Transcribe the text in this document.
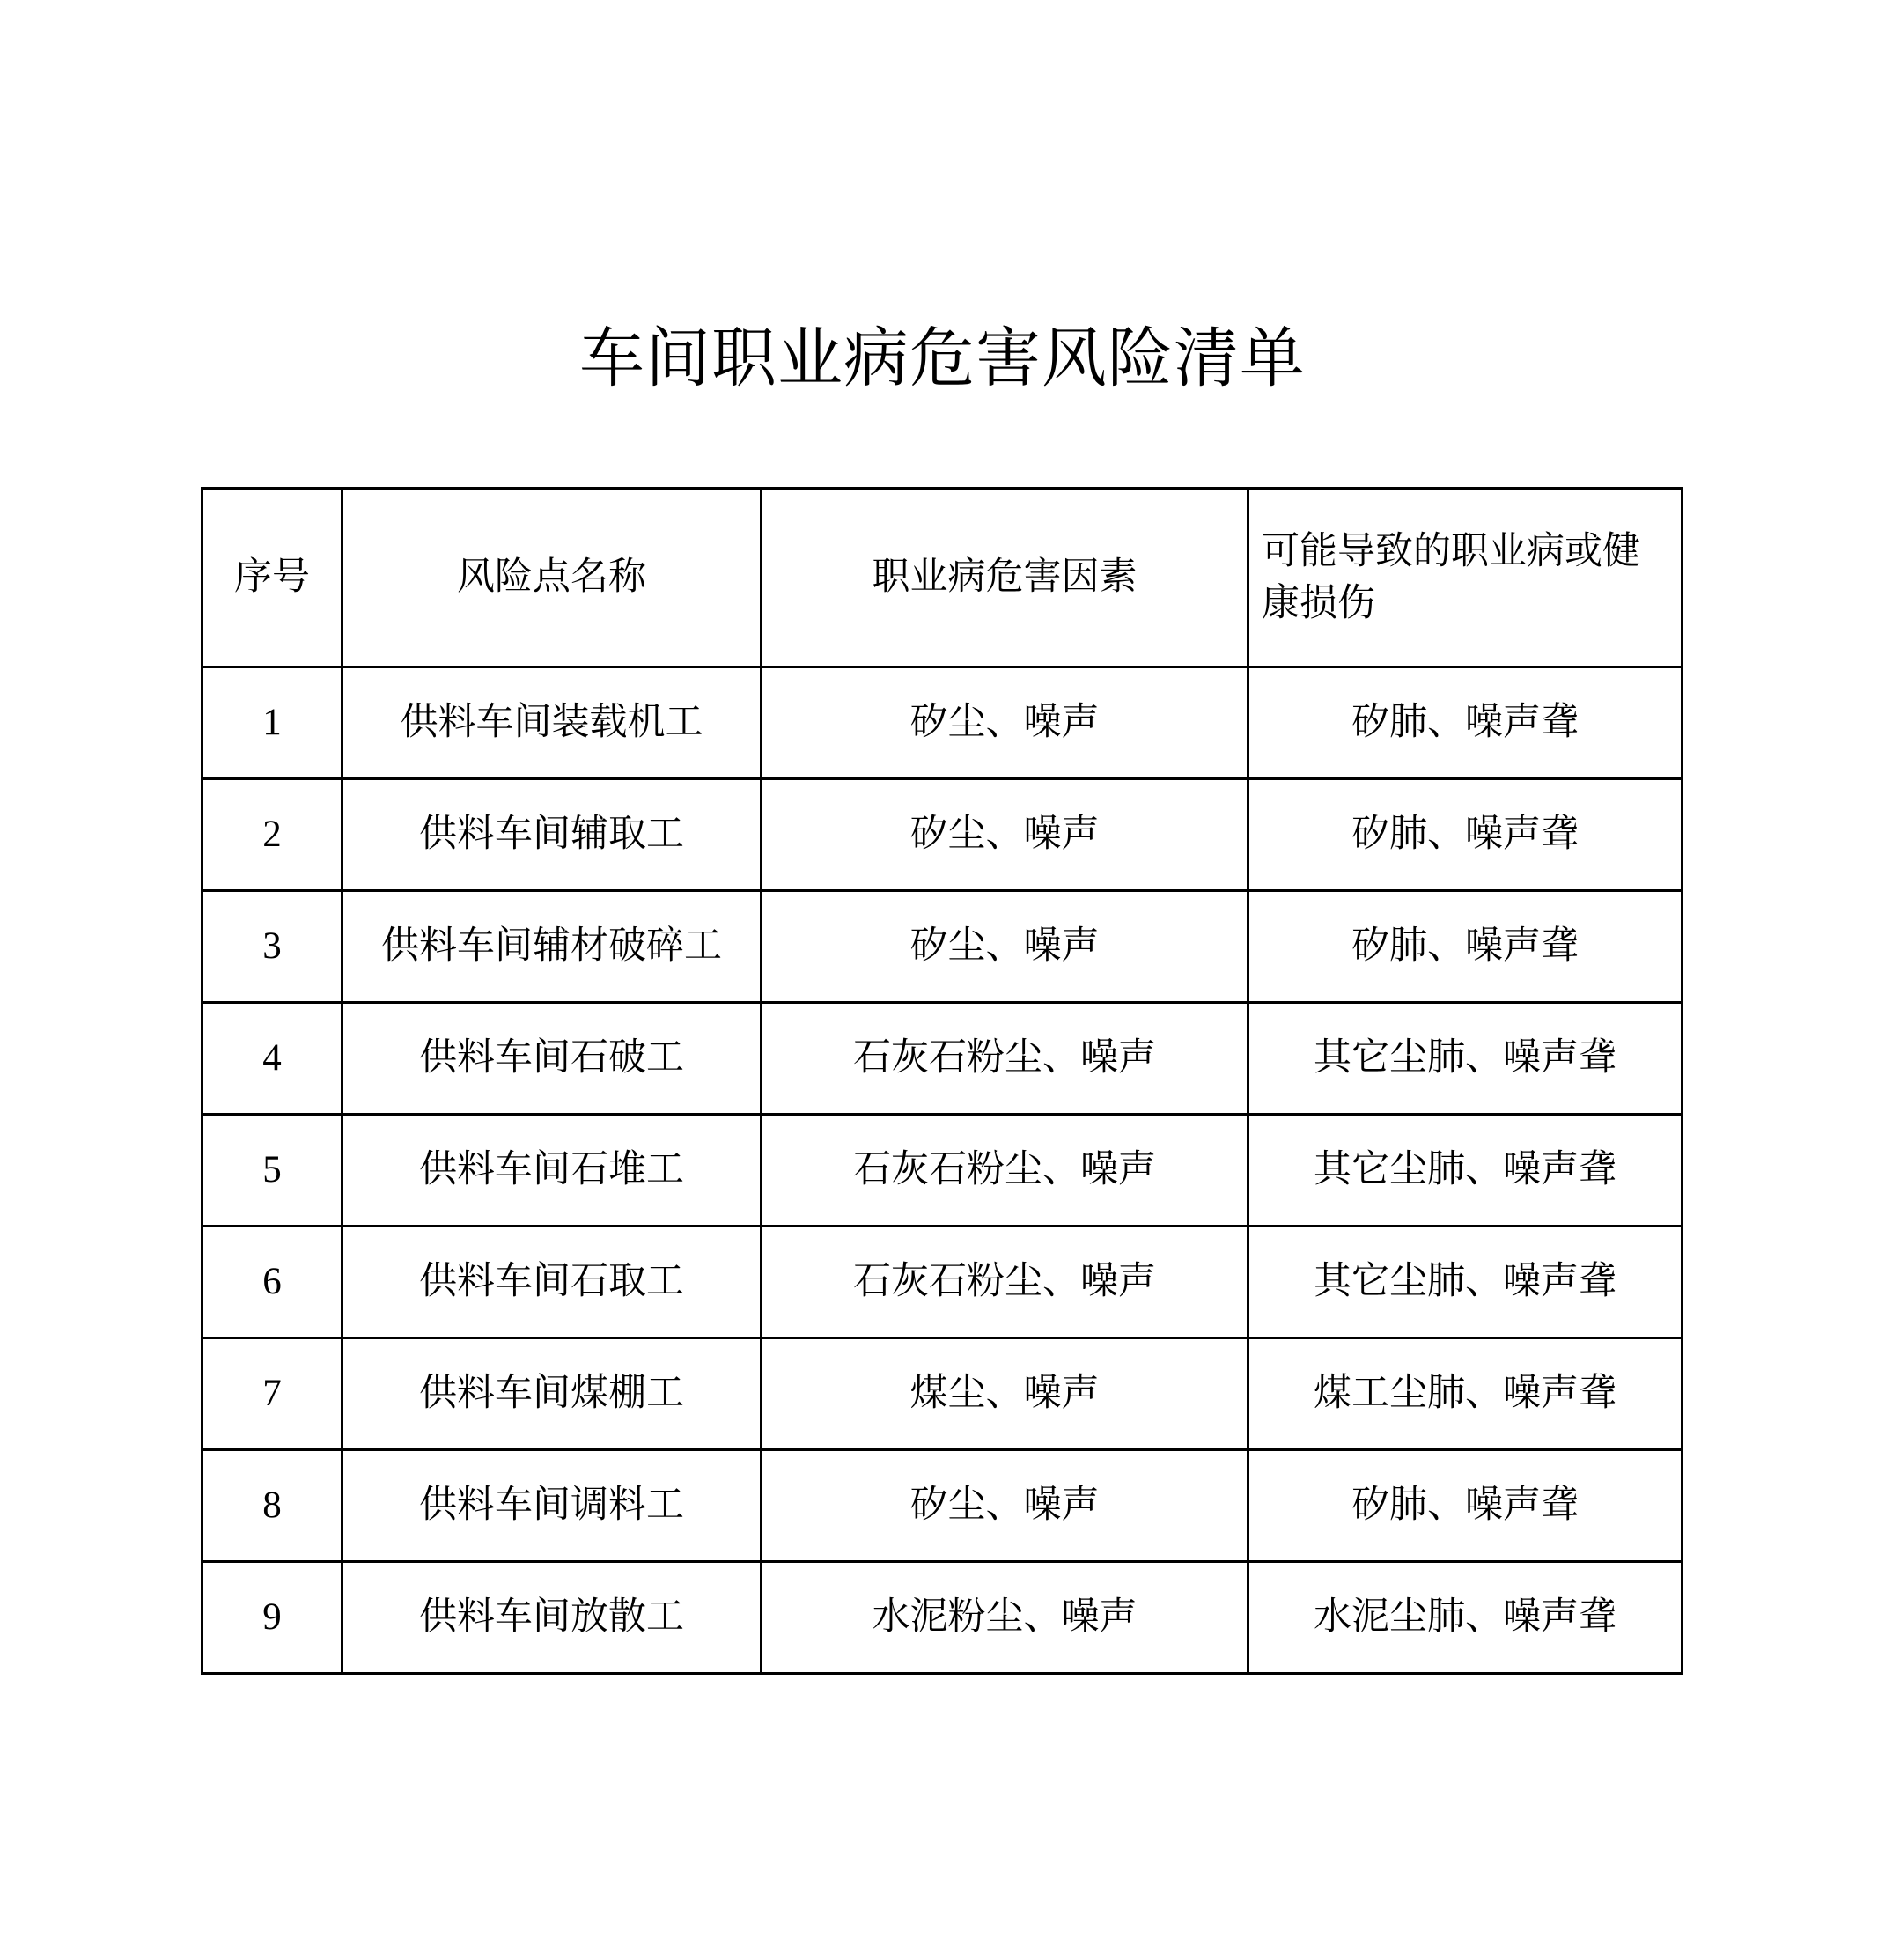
车间职业病危害风险清单
序号	风险点名称	职业病危害因素	可能导致的职业病或健康损伤
1	供料车间装载机工	矽尘、噪声	矽肺、噪声聋
2	供料车间辅取工	矽尘、噪声	矽肺、噪声聋
3	供料车间辅材破碎工	矽尘、噪声	矽肺、噪声聋
4	供料车间石破工	石灰石粉尘、噪声	其它尘肺、噪声聋
5	供料车间石堆工	石灰石粉尘、噪声	其它尘肺、噪声聋
6	供料车间石取工	石灰石粉尘、噪声	其它尘肺、噪声聋
7	供料车间煤棚工	煤尘、噪声	煤工尘肺、噪声聋
8	供料车间调料工	矽尘、噪声	矽肺、噪声聋
9	供料车间放散工	水泥粉尘、噪声	水泥尘肺、噪声聋
